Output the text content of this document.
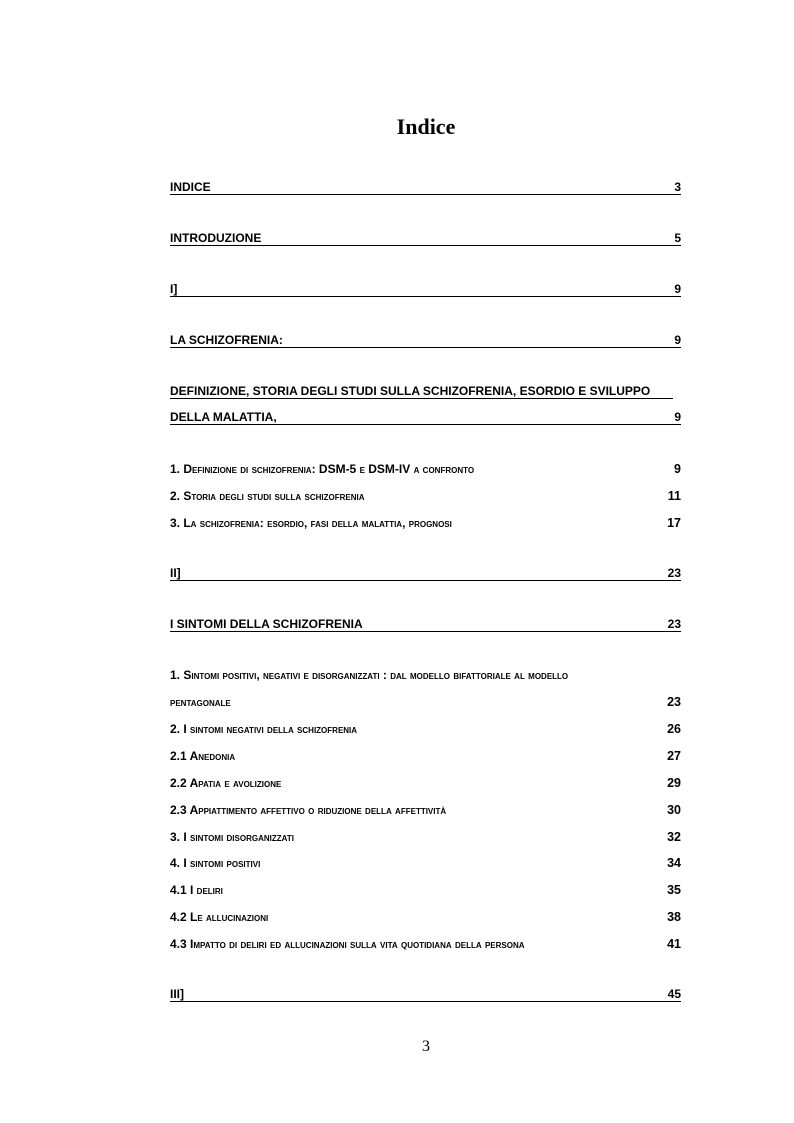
Indice
INDICE	3
INTRODUZIONE	5
I]	9
LA SCHIZOFRENIA:	9
DEFINIZIONE, STORIA DEGLI STUDI SULLA SCHIZOFRENIA, ESORDIO E SVILUPPO
DELLA MALATTIA,	9
1. Definizione di schizofrenia: DSM-5 e DSM-IV a confronto	9
2. Storia degli studi sulla schizofrenia	11
3. La schizofrenia: esordio, fasi della malattia, prognosi	17
II]	23
I SINTOMI DELLA SCHIZOFRENIA	23
1. Sintomi positivi, negativi e disorganizzati : dal modello bifattoriale al modello
pentagonale	23
2. I sintomi negativi della schizofrenia	26
2.1 Anedonia	27
2.2 Apatia e avolizione	29
2.3 Appiattimento affettivo o riduzione della affettività	30
3. I sintomi disorganizzati	32
4. I sintomi positivi	34
4.1 I deliri	35
4.2 Le allucinazioni	38
4.3 Impatto di deliri ed allucinazioni sulla vita quotidiana della persona	41
III]	45
3
